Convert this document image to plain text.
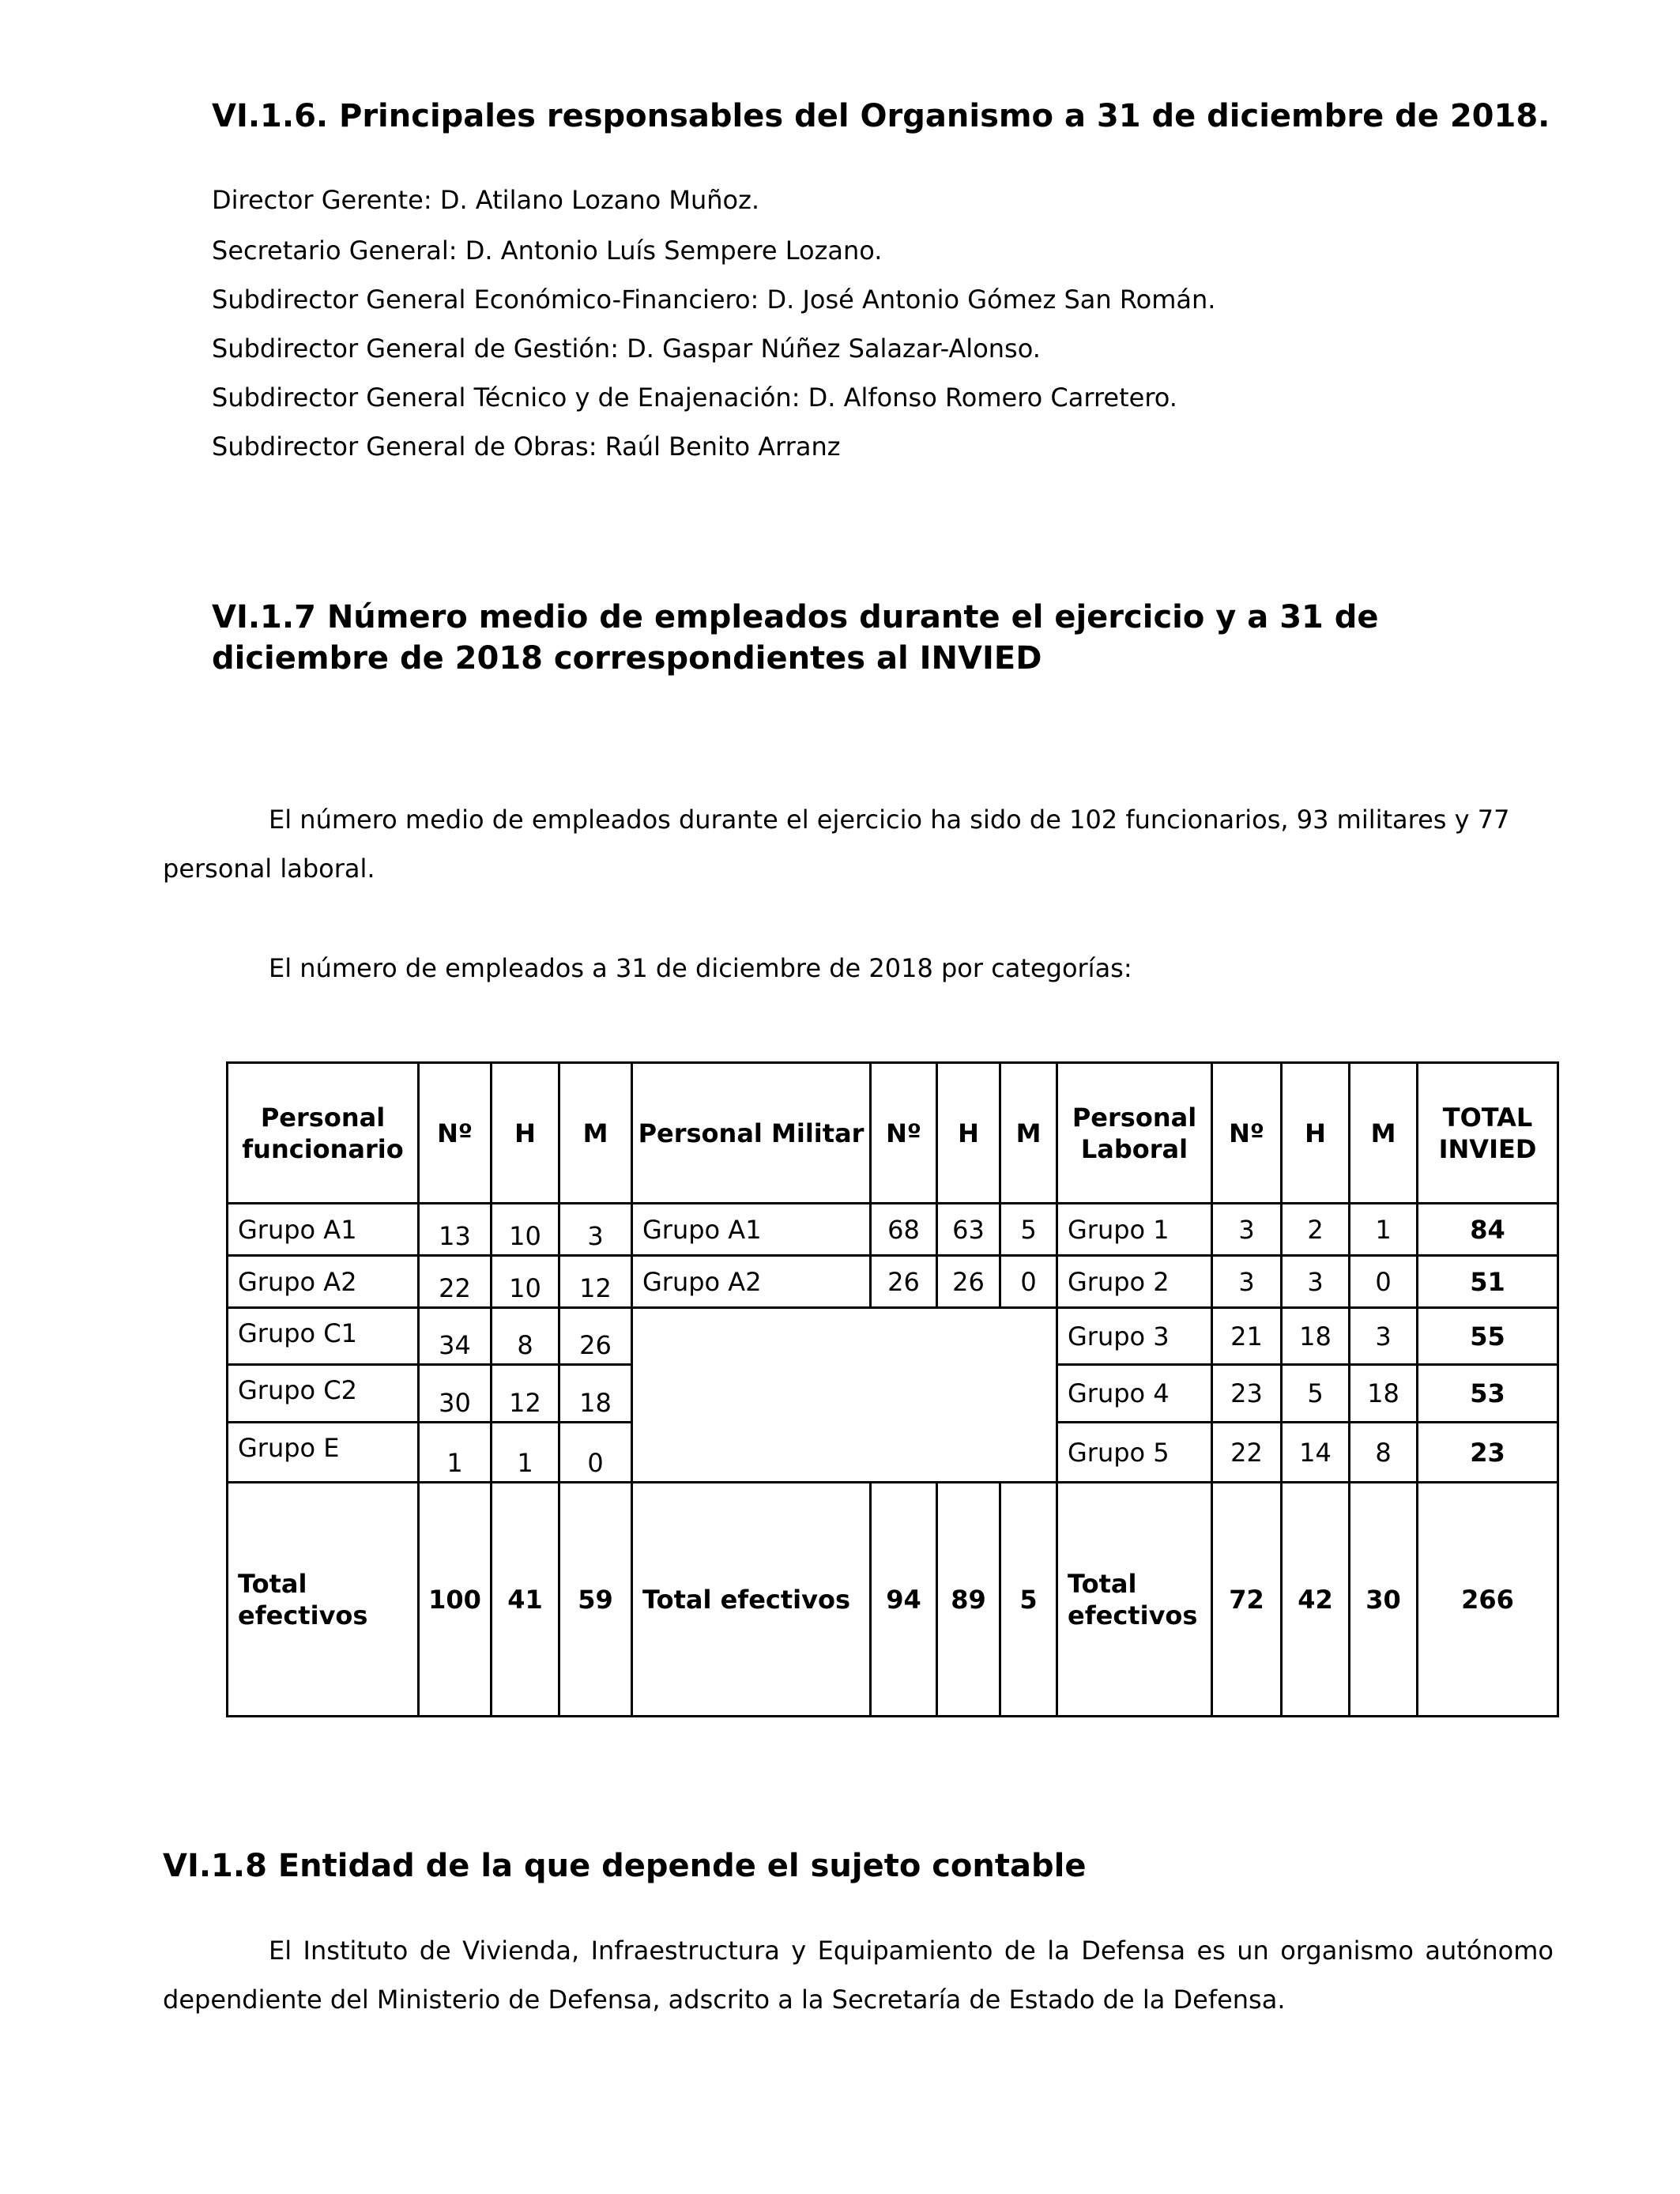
VI.1.6. Principales responsables del Organismo a 31 de diciembre de 2018.
Director Gerente: D. Atilano Lozano Muñoz.
Secretario General: D. Antonio Luís Sempere Lozano.
Subdirector General Económico-Financiero: D. José Antonio Gómez San Román.
Subdirector General de Gestión: D. Gaspar Núñez Salazar-Alonso.
Subdirector General Técnico y de Enajenación: D. Alfonso Romero Carretero.
Subdirector General de Obras: Raúl Benito Arranz
VI.1.7 Número medio de empleados durante el ejercicio y a 31 de
diciembre de 2018 correspondientes al INVIED

El número medio de empleados durante el ejercicio ha sido de 102 funcionarios, 93 militares y 77 personal laboral.

El número de empleados a 31 de diciembre de 2018 por categorías:

Personal funcionario	Nº	H	M	Personal Militar	Nº	H	M	Personal Laboral	Nº	H	M	TOTAL INVIED
Grupo A1	13	10	3	Grupo A1	68	63	5	Grupo 1	3	2	1	84
Grupo A2	22	10	12	Grupo A2	26	26	0	Grupo 2	3	3	0	51
Grupo C1	34	8	26					Grupo 3	21	18	3	55
Grupo C2	30	12	18					Grupo 4	23	5	18	53
Grupo E	1	1	0					Grupo 5	22	14	8	23
Total efectivos	100	41	59	Total efectivos	94	89	5	Total efectivos	72	42	30	266
VI.1.8 Entidad de la que depende el sujeto contable

El Instituto de Vivienda, Infraestructura y Equipamiento de la Defensa es un organismo autónomo dependiente del Ministerio de Defensa, adscrito a la Secretaría de Estado de la Defensa.
